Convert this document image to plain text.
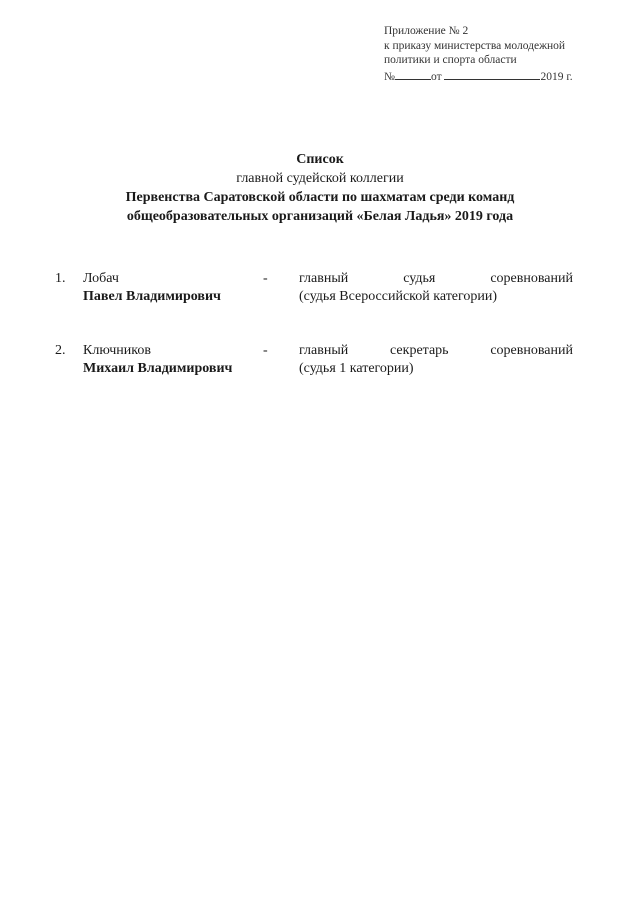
Приложение № 2
к приказу министерства молодежной
политики и спорта области
№	от	2019 г.
Список
главной судейской коллегии
Первенства Саратовской области по шахматам среди команд
общеобразовательных организаций «Белая Ладья» 2019 года
1. Лобач
Павел Владимирович
- главный судья соревнований
(судья Всероссийской категории)
2. Ключников
Михаил Владимирович
- главный секретарь соревнований
(судья 1 категории)
